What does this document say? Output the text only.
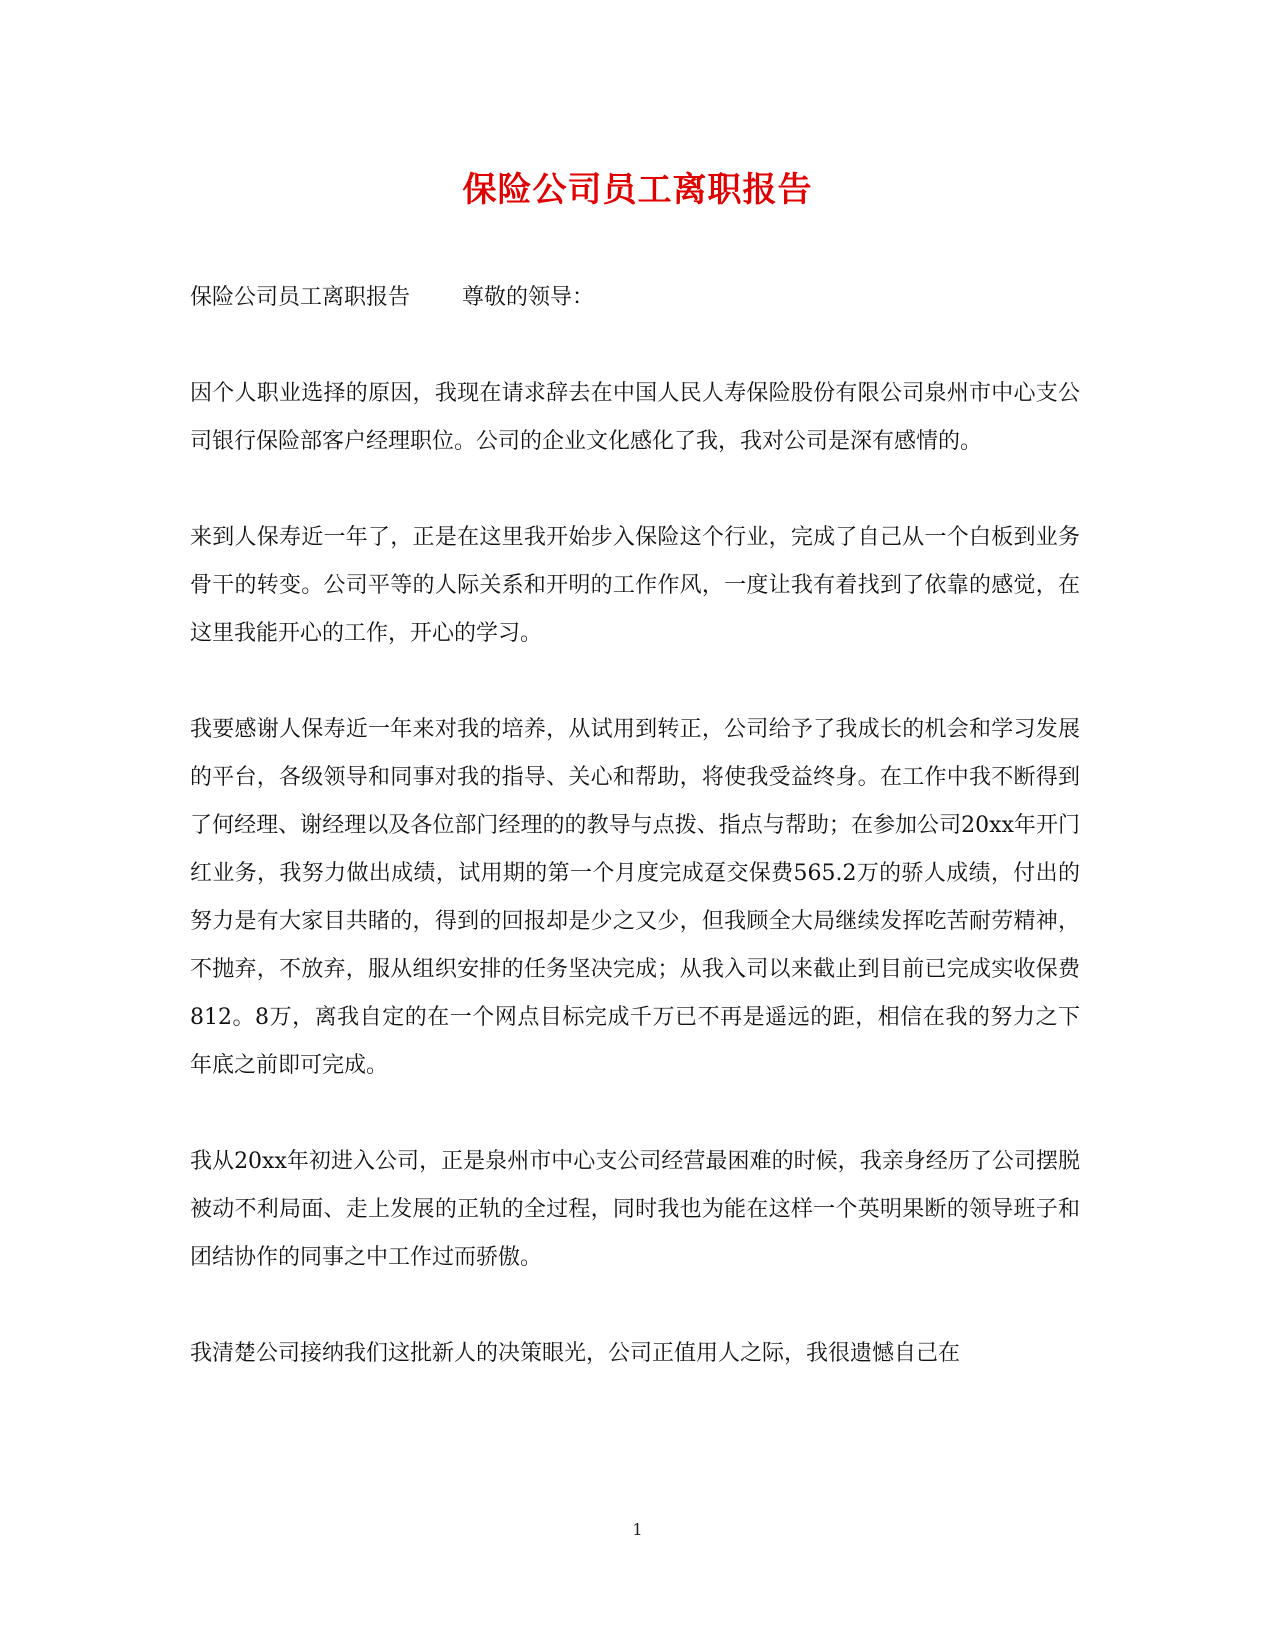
保险公司员工离职报告

保险公司员工离职报告 尊敬的领导：

因个人职业选择的原因，我现在请求辞去在中国人民人寿保险股份有限公司泉州市中心支公司银行保险部客户经理职位。公司的企业文化感化了我，我对公司是深有感情的。

来到人保寿近一年了，正是在这里我开始步入保险这个行业，完成了自己从一个白板到业务骨干的转变。公司平等的人际关系和开明的工作作风，一度让我有着找到了依靠的感觉，在这里我能开心的工作，开心的学习。

我要感谢人保寿近一年来对我的培养，从试用到转正，公司给予了我成长的机会和学习发展的平台，各级领导和同事对我的指导、关心和帮助，将使我受益终身。在工作中我不断得到了何经理、谢经理以及各位部门经理的的教导与点拨、指点与帮助；在参加公司20xx年开门红业务，我努力做出成绩，试用期的第一个月度完成趸交保费565.2万的骄人成绩，付出的努力是有大家目共睹的，得到的回报却是少之又少，但我顾全大局继续发挥吃苦耐劳精神，不抛弃，不放弃，服从组织安排的任务坚决完成；从我入司以来截止到目前已完成实收保费812。8万，离我自定的在一个网点目标完成千万已不再是遥远的距，相信在我的努力之下年底之前即可完成。

我从20xx年初进入公司，正是泉州市中心支公司经营最困难的时候，我亲身经历了公司摆脱被动不利局面、走上发展的正轨的全过程，同时我也为能在这样一个英明果断的领导班子和团结协作的同事之中工作过而骄傲。

我清楚公司接纳我们这批新人的决策眼光，公司正值用人之际，我很遗憾自己在

1
